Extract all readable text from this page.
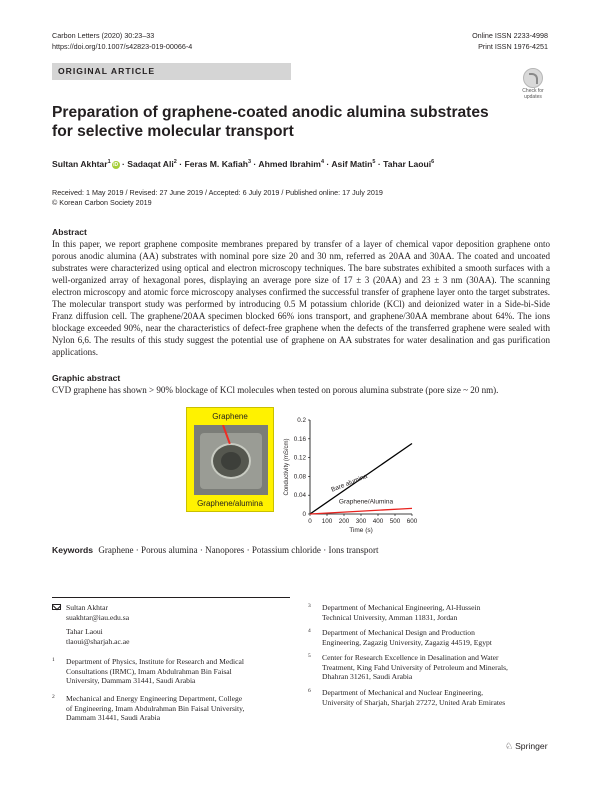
Carbon Letters (2020) 30:23–33
https://doi.org/10.1007/s42823-019-00066-4
Online ISSN 2233-4998
Print ISSN 1976-4251
ORIGINAL ARTICLE
Check for
updates
Preparation of graphene-coated anodic alumina substrates for selective molecular transport
Sultan Akhtar$^1$ iD · Sadaqat Ali$^2$ · Feras M. Kafiah$^3$ · Ahmed Ibrahim$^4$ · Asif Matin$^5$ · Tahar Laoui$^6$
Received: 1 May 2019 / Revised: 27 June 2019 / Accepted: 6 July 2019 / Published online: 17 July 2019
© Korean Carbon Society 2019
Abstract

In this paper, we report graphene composite membranes prepared by transfer of a layer of chemical vapor deposition graphene onto porous anodic alumina (AA) substrates with nominal pore size 20 and 30 nm, referred as 20AA and 30AA. The coated and uncoated substrates were characterized using optical and electron microscopy techniques. The bare substrates exhibited a smooth surfaces with a well-organized array of hexagonal pores, displaying an average pore size of 17 ± 3 (20AA) and 23 ± 3 nm (30AA). The scanning electron microscopy and atomic force microscopy analyses confirmed the successful transfer of graphene layer onto the target substrates. The molecular transport study was performed by introducing 0.5 M potassium chloride (KCl) and deionized water in a Side-bi-Side Franz diffusion cell. The graphene/20AA specimen blocked 66% ions transport, and graphene/30AA membrane about 64%. The ions blockage exceeded 90%, near the characteristics of defect-free graphene when the defects of the transferred graphene were sealed with Nylon 6,6. The results of this study suggest the potential use of graphene on AA substrates for water desalination and gas purification applications.

Graphic abstract

CVD graphene has shown > 90% blockage of KCl molecules when tested on porous alumina substrate (pore size ~ 20 nm).

Graphene
Graphene/alumina
0
0.04
0.08
0.12
0.16
0.2
0 100 200 300 400 500 600
Conductivity (mS/cm)
Time (s)
Bare alumina
Graphene/Alumina
Keywords Graphene · Porous alumina · Nanopores · Potassium chloride · Ions transport
Sultan Akhtar
suakhtar@iau.edu.sa
Tahar Laoui
tlaoui@sharjah.ac.ae
1 Department of Physics, Institute for Research and Medical
Consultations (IRMC), Imam Abdulrahman Bin Faisal
University, Dammam 31441, Saudi Arabia
2 Mechanical and Energy Engineering Department, College
of Engineering, Imam Abdulrahman Bin Faisal University,
Dammam 31441, Saudi Arabia
3 Department of Mechanical Engineering, Al-Hussein
Technical University, Amman 11831, Jordan
4 Department of Mechanical Design and Production
Engineering, Zagazig University, Zagazig 44519, Egypt
5 Center for Research Excellence in Desalination and Water
Treatment, King Fahd University of Petroleum and Minerals,
Dhahran 31261, Saudi Arabia
6 Department of Mechanical and Nuclear Engineering,
University of Sharjah, Sharjah 27272, United Arab Emirates
♘ Springer
